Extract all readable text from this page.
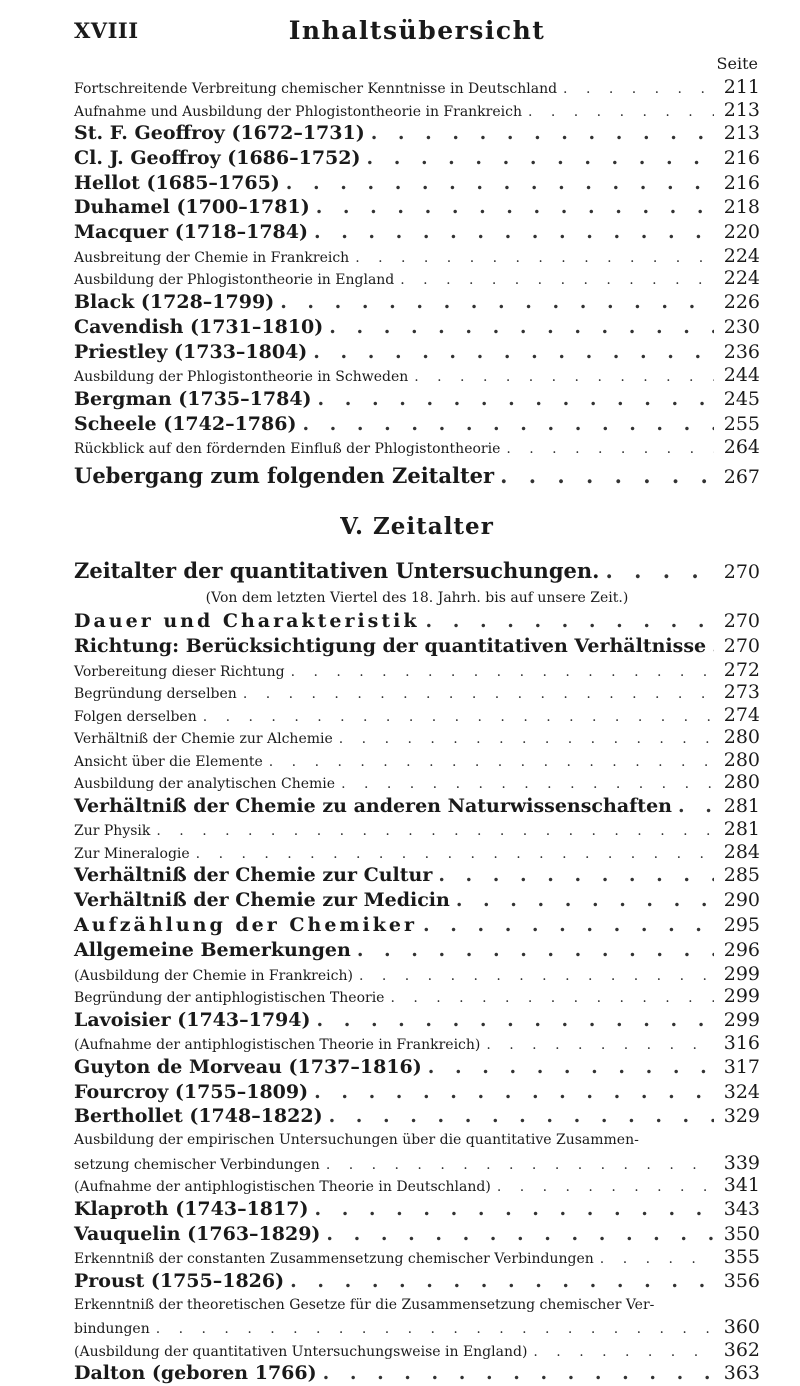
XVIII	Inhaltsübersicht
Seite
Fortschreitende Verbreitung chemischer Kenntnisse in Deutschland . . .	211
Aufnahme und Ausbildung der Phlogistontheorie in Frankreich . . .	213
St. F. Geoffroy (1672–1731) . . .	213
Cl. J. Geoffroy (1686–1752) . . .	216
Hellot (1685–1765) . . .	216
Duhamel (1700–1781) . . .	218
Macquer (1718–1784) . . .	220
Ausbreitung der Chemie in Frankreich . . .	224
Ausbildung der Phlogistontheorie in England . . .	224
Black (1728–1799) . . .	226
Cavendish (1731–1810) . . .	230
Priestley (1733–1804) . . .	236
Ausbildung der Phlogistontheorie in Schweden . . .	244
Bergman (1735–1784) . . .	245
Scheele (1742–1786) . . .	255
Rückblick auf den fördernden Einfluß der Phlogistontheorie . . .	264
Uebergang zum folgenden Zeitalter . . .	267
V. Zeitalter
Zeitalter der quantitativen Untersuchungen. . . .	270
(Von dem letzten Viertel des 18. Jahrh. bis auf unsere Zeit.)
Dauer und Charakteristik . . .	270
Richtung: Berücksichtigung der quantitativen Verhältnisse . . . 270
Vorbereitung dieser Richtung . . .	272
Begründung derselben . . .	273
Folgen derselben . . .	274
Verhältniß der Chemie zur Alchemie . . .	280
Ansicht über die Elemente . . .	280
Ausbildung der analytischen Chemie . . .	280
Verhältniß der Chemie zu anderen Naturwissenschaften . . .	281
Zur Physik . . .	281
Zur Mineralogie . . .	284
Verhältniß der Chemie zur Cultur . . .	285
Verhältniß der Chemie zur Medicin . . .	290
Aufzählung der Chemiker . . .	295
Allgemeine Bemerkungen . . .	296
(Ausbildung der Chemie in Frankreich) . . .	299
Begründung der antiphlogistischen Theorie . . .	299
Lavoisier (1743–1794) . . .	299
(Aufnahme der antiphlogistischen Theorie in Frankreich) . . .	316
Guyton de Morveau (1737–1816) . . .	317
Fourcroy (1755–1809) . . .	324
Berthollet (1748–1822) . . .	329
Ausbildung der empirischen Untersuchungen über die quantitative Zusammen-
setzung chemischer Verbindungen . . .	339
(Aufnahme der antiphlogistischen Theorie in Deutschland) . . .	341
Klaproth (1743–1817) . . .	343
Vauquelin (1763–1829) . . .	350
Erkenntniß der constanten Zusammensetzung chemischer Verbindungen . . .	355
Proust (1755–1826) . . .	356
Erkenntniß der theoretischen Gesetze für die Zusammensetzung chemischer Ver-
bindungen . . .	360
(Ausbildung der quantitativen Untersuchungsweise in England) . . .	362
Dalton (geboren 1766) . . .	363
